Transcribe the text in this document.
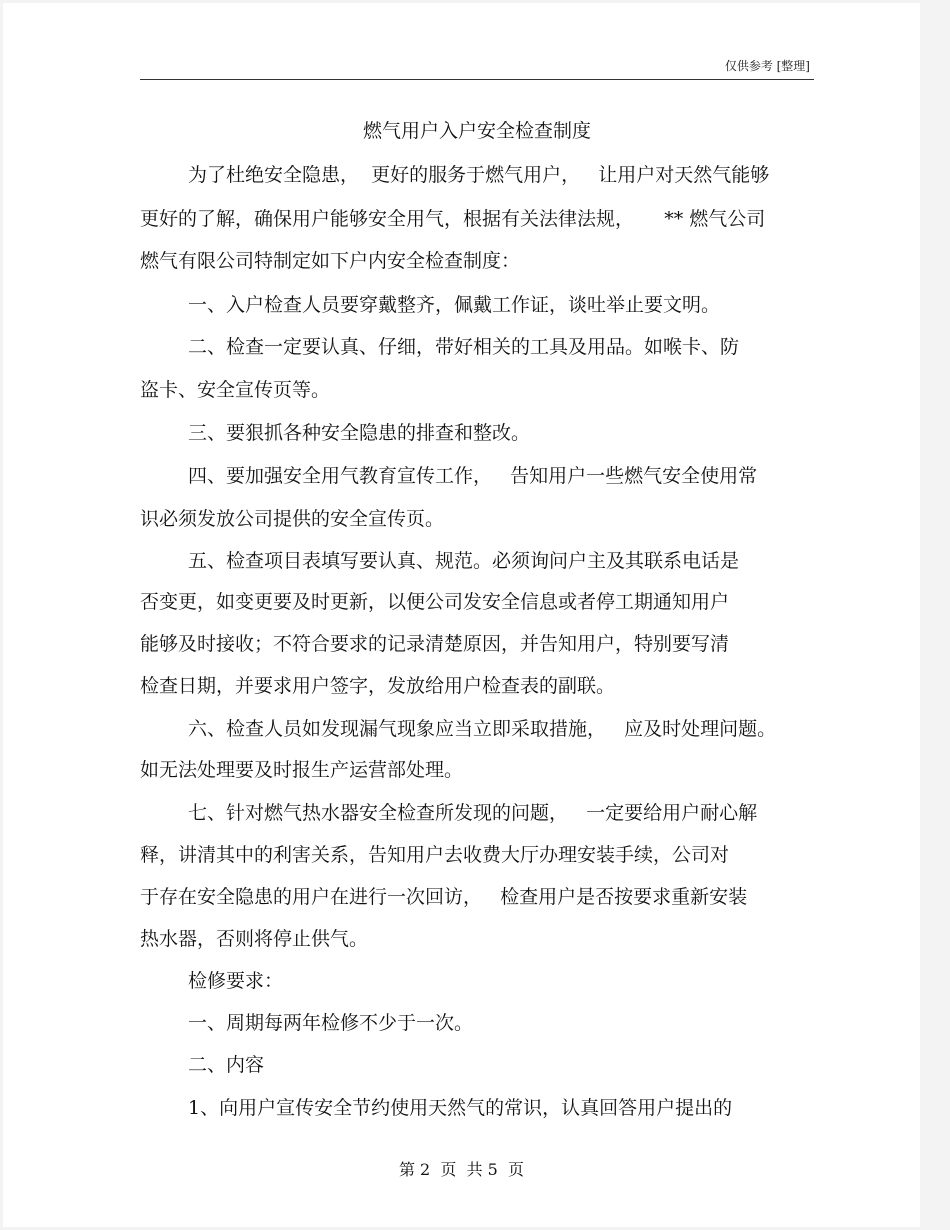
仅供参考 [整理]
燃气用户入户安全检查制度
为了杜绝安全隐患，  更好的服务于燃气用户，   让用户对天然气能够
更好的了解，确保用户能够安全用气，根据有关法律法规，     ** 燃气公司
燃气有限公司特制定如下户内安全检查制度：
一、入户检查人员要穿戴整齐，佩戴工作证，谈吐举止要文明。
二、检查一定要认真、仔细，带好相关的工具及用品。如喉卡、防
盗卡、安全宣传页等。
三、要狠抓各种安全隐患的排查和整改。
四、要加强安全用气教育宣传工作，   告知用户一些燃气安全使用常
识必须发放公司提供的安全宣传页。
五、检查项目表填写要认真、规范。必须询问户主及其联系电话是
否变更，如变更要及时更新，以便公司发安全信息或者停工期通知用户
能够及时接收；不符合要求的记录清楚原因，并告知用户，特别要写清
检查日期，并要求用户签字，发放给用户检查表的副联。
六、检查人员如发现漏气现象应当立即采取措施，   应及时处理问题。
如无法处理要及时报生产运营部处理。
七、针对燃气热水器安全检查所发现的问题，   一定要给用户耐心解
释，讲清其中的利害关系，告知用户去收费大厅办理安装手续，公司对
于存在安全隐患的用户在进行一次回访，   检查用户是否按要求重新安装
热水器，否则将停止供气。
检修要求：
一、周期每两年检修不少于一次。
二、内容
1、向用户宣传安全节约使用天然气的常识，认真回答用户提出的
第 2  页  共 5  页
